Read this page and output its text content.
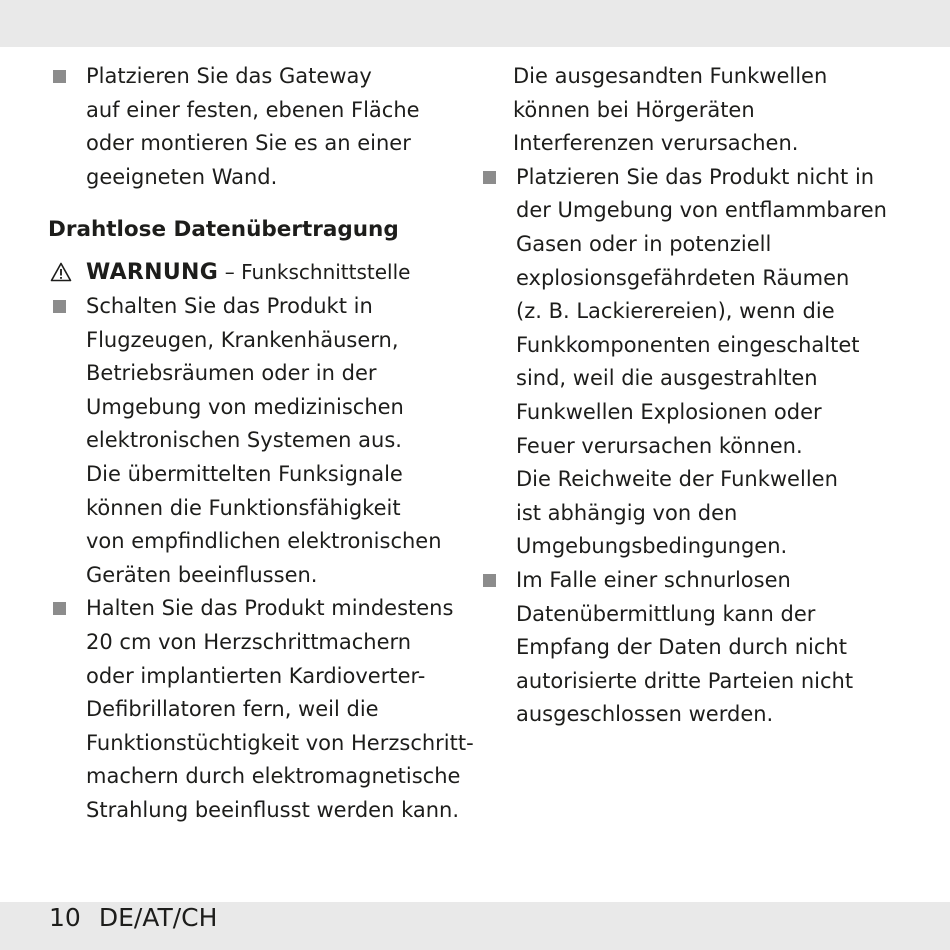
Platzieren Sie das Gateway
auf einer festen, ebenen Fläche
oder montieren Sie es an einer
geeigneten Wand.
Drahtlose Datenübertragung
WARNUNG – Funkschnittstelle
Schalten Sie das Produkt in
Flugzeugen, Krankenhäusern,
Betriebsräumen oder in der
Umgebung von medizinischen
elektronischen Systemen aus.
Die übermittelten Funksignale
können die Funktionsfähigkeit
von empfindlichen elektronischen
Geräten beeinflussen.
Halten Sie das Produkt mindestens
20 cm von Herzschrittmachern
oder implantierten Kardioverter-
Defibrillatoren fern, weil die
Funktionstüchtigkeit von Herzschritt-
machern durch elektromagnetische
Strahlung beeinflusst werden kann.
Die ausgesandten Funkwellen
können bei Hörgeräten
Interferenzen verursachen.
Platzieren Sie das Produkt nicht in
der Umgebung von entflammbaren
Gasen oder in potenziell
explosionsgefährdeten Räumen
(z. B. Lackierereien), wenn die
Funkkomponenten eingeschaltet
sind, weil die ausgestrahlten
Funkwellen Explosionen oder
Feuer verursachen können.
Die Reichweite der Funkwellen
ist abhängig von den
Umgebungsbedingungen.
Im Falle einer schnurlosen
Datenübermittlung kann der
Empfang der Daten durch nicht
autorisierte dritte Parteien nicht
ausgeschlossen werden.
10 DE/AT/CH
